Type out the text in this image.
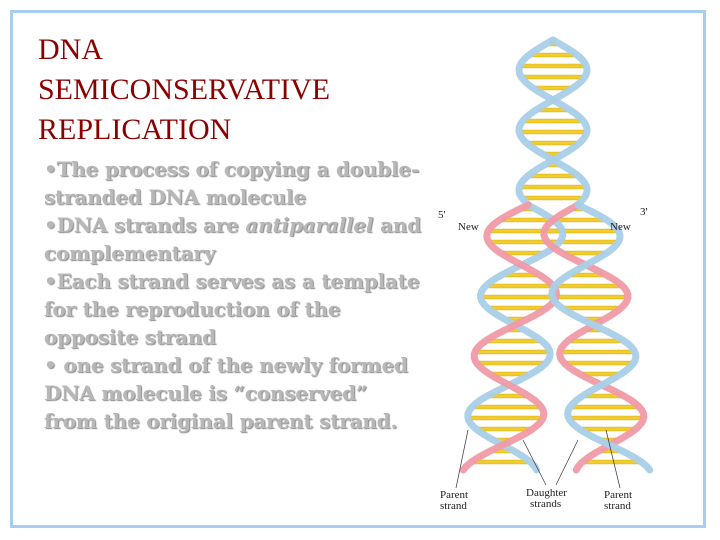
DNA
SEMICONSERVATIVE
REPLICATION

•The process of copying a double-stranded DNA molecule

•DNA strands are antiparallel and complementary

•Each strand serves as a template for the reproduction of the opposite strand

• one strand of the newly formed DNA molecule is “conserved” from the original parent strand.

5'	3'
New	New
Parent
strand
Daughter
strands
Parent
strand
